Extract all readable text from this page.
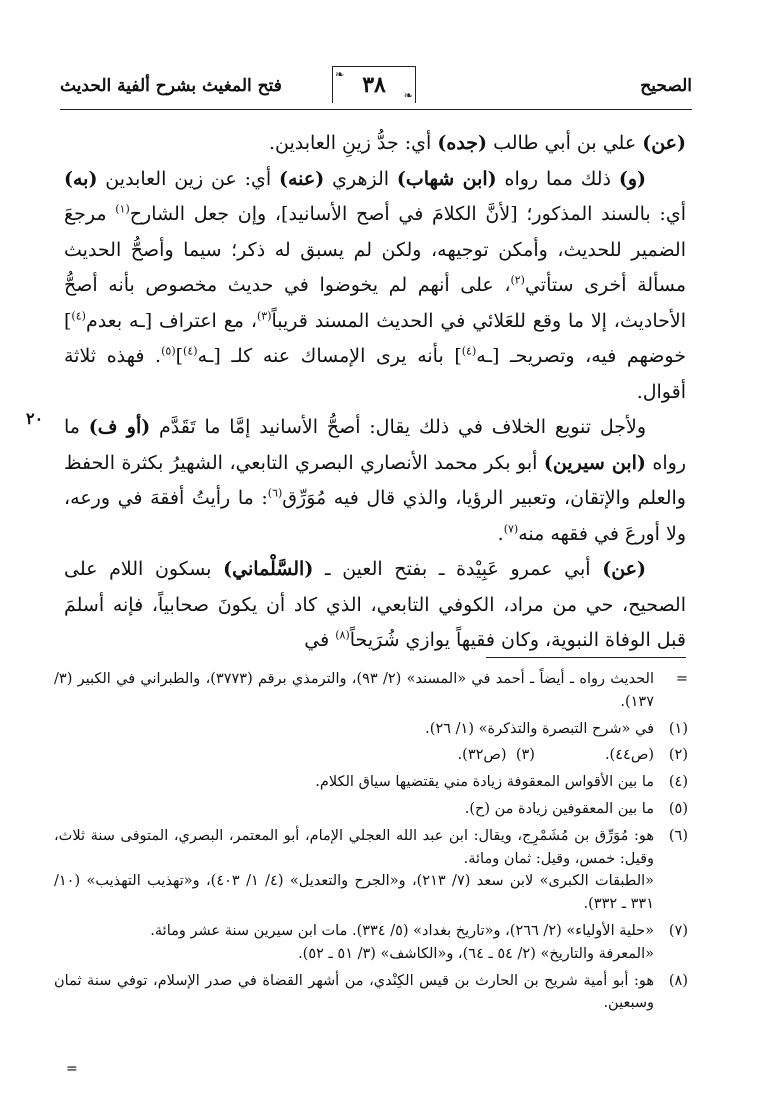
الصحيح
❧ ٣٨ ❧
فتح المغيث بشرح ألفية الحديث
٢٠

(عن) علي بن أبي طالب (جده) أي: جدُّ زينِ العابدين.

(و) ذلك مما رواه (ابن شهاب) الزهري (عنه) أي: عن زين العابدين (به) أي: بالسند المذكور؛ [لأنَّ الكلامَ في أصح الأسانيد]، وإن جعل الشارح$^{(١)}$ مرجعَ الضمير للحديث، وأمكن توجيهه، ولكن لم يسبق له ذكر؛ سيما وأصحُّ الحديث مسألة أخرى ستأتي$^{(٢)}$، على أنهم لم يخوضوا في حديث مخصوص بأنه أصحُّ الأحاديث، إلا ما وقع للعَلائي في الحديث المسند قريباً$^{(٣)}$، مع اعتراف [ـه بعدم$^{(٤)}$] خوضهم فيه، وتصريحـ [ـه$^{(٤)}$] بأنه يرى الإمساك عنه كلـ [ـه$^{(٤)}$]$^{(٥)}$. فهذه ثلاثة أقوال.

ولأجل تنويع الخلاف في ذلك يقال: أصحُّ الأسانيد إمَّا ما تَقَدَّم (أو ف) ما رواه (ابن سيرين) أبو بكر محمد الأنصاري البصري التابعي، الشهيرُ بكثرة الحفظ والعلم والإتقان، وتعبير الرؤيا، والذي قال فيه مُوَرِّق$^{(٦)}$: ما رأيتُ أفقهَ في ورعه، ولا أورعَ في فقهه منه$^{(٧)}$.

(عن) أبي عمرو عَبِيْدة ـ بفتح العين ـ (السَّلْماني) بسكون اللام على الصحيح، حي من مراد، الكوفي التابعي، الذي كاد أن يكونَ صحابياً، فإنه أسلمَ قبل الوفاة النبوية، وكان فقيهاً يوازي شُرَيحاً$^{(٨)}$ في

=
الحديث رواه ـ أيضاً ـ أحمد في «المسند» (٢/ ٩٣)، والترمذي برقم (٣٧٧٣)، والطبراني في الكبير (٣/ ١٣٧).
(١)
في «شرح التبصرة والتذكرة» (١/ ٢٦).
(٢)
(ص٤٤).
(٣)  (ص٣٢).
(٤)
ما بين الأقواس المعقوفة زيادة مني يقتضيها سياق الكلام.
(٥)
ما بين المعقوفين زيادة من (ح).
(٦)
هو: مُوَرِّق بن مُشَمْرِج، ويقال: ابن عبد الله العجلي الإمام، أبو المعتمر، البصري، المتوفى سنة ثلاث، وقيل: خمس، وقيل: ثمان ومائة.
«الطبقات الكبرى» لابن سعد (٧/ ٢١٣)، و«الجرح والتعديل» (٤/ ١/ ٤٠٣)، و«تهذيب التهذيب» (١٠/ ٣٣١ ـ ٣٣٢).
(٧)
«حلية الأولياء» (٢/ ٢٦٦)، و«تاريخ بغداد» (٥/ ٣٣٤). مات ابن سيرين سنة عشر ومائة.
«المعرفة والتاريخ» (٢/ ٥٤ ـ ٦٤)، و«الكاشف» (٣/ ٥١ ـ ٥٢).
(٨)
هو: أبو أمية شريح بن الحارث بن قيس الكِنْدي، من أشهر القضاة في صدر الإسلام، توفي سنة ثمان وسبعين.
=
